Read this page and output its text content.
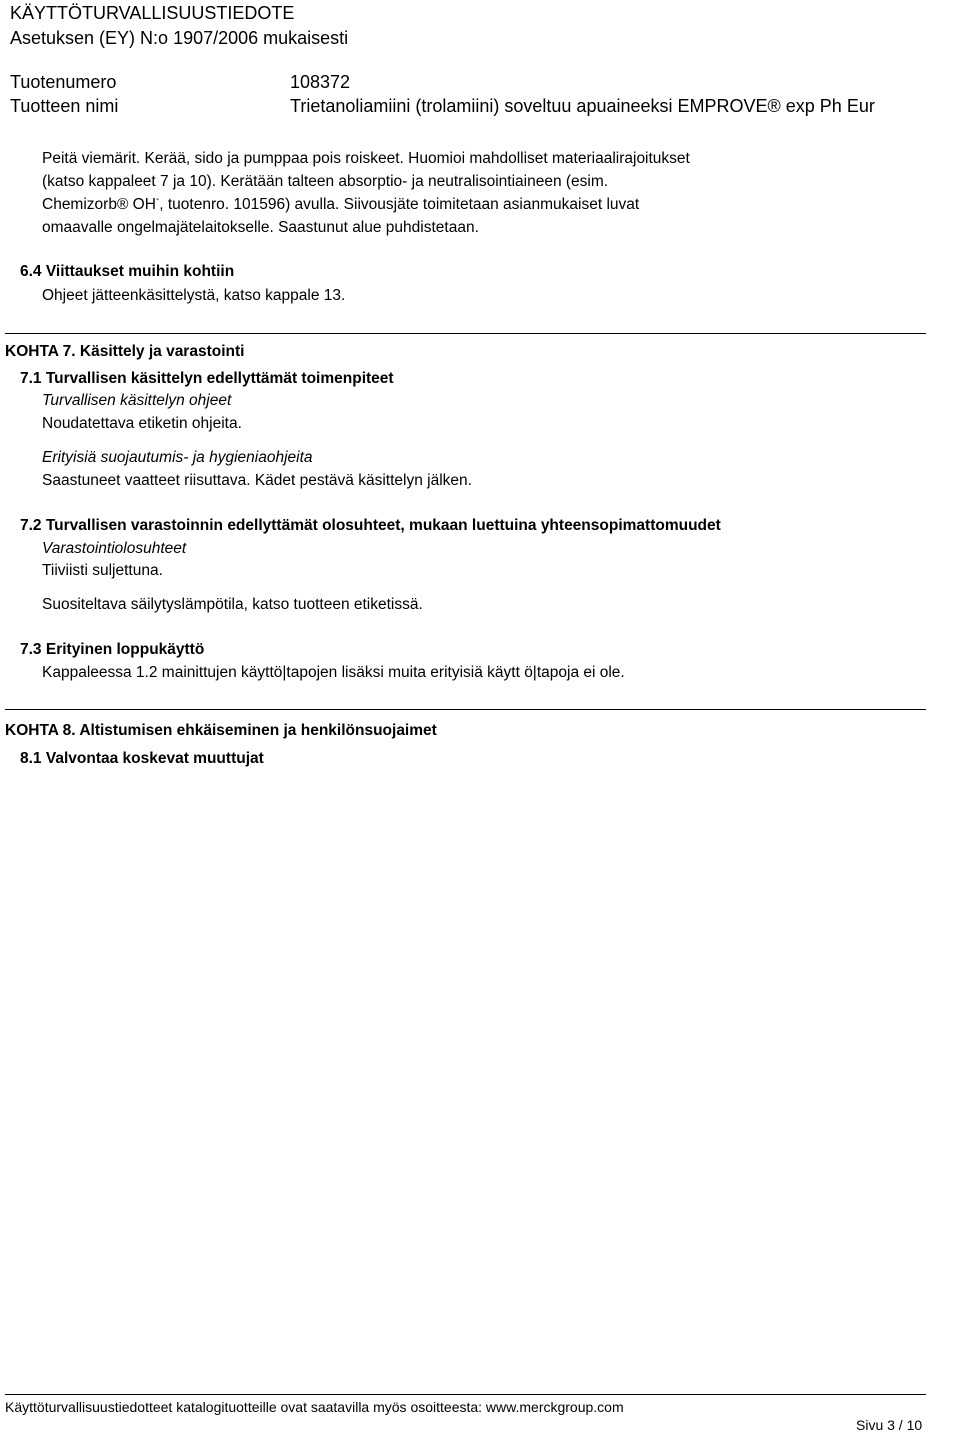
KÄYTTÖTURVALLISUUSTIEDOTE
Asetuksen (EY) N:o 1907/2006 mukaisesti
Tuotenumero	108372
Tuotteen nimi	Trietanoliamiini (trolamiini) soveltuu apuaineeksi EMPROVE® exp Ph Eur
Peitä viemärit. Kerää, sido ja pumppaa pois roiskeet. Huomioi mahdolliset materiaalirajoitukset
(katso kappaleet 7 ja 10). Kerätään talteen absorptio- ja neutralisointiaineen (esim.
Chemizorb® OH-, tuotenro. 101596) avulla. Siivousjäte toimitetaan asianmukaiset luvat
omaavalle ongelmajätelaitokselle. Saastunut alue puhdistetaan.
6.4 Viittaukset muihin kohtiin
Ohjeet jätteenkäsittelystä, katso kappale 13.
KOHTA 7. Käsittely ja varastointi
7.1 Turvallisen käsittelyn edellyttämät toimenpiteet
Turvallisen käsittelyn ohjeet
Noudatettava etiketin ohjeita.
Erityisiä suojautumis- ja hygieniaohjeita
Saastuneet vaatteet riisuttava. Kädet pestävä käsittelyn jälken.
7.2 Turvallisen varastoinnin edellyttämät olosuhteet, mukaan luettuina yhteensopimattomuudet
Varastointiolosuhteet
Tiiviisti suljettuna.
Suositeltava säilytyslämpötila, katso tuotteen etiketissä.
7.3 Erityinen loppukäyttö
Kappaleessa 1.2 mainittujen käyttö|tapojen lisäksi muita erityisiä käytt ö|tapoja ei ole.
KOHTA 8. Altistumisen ehkäiseminen ja henkilönsuojaimet
8.1 Valvontaa koskevat muuttujat
Käyttöturvallisuustiedotteet katalogituotteille ovat saatavilla myös osoitteesta: www.merckgroup.com
Sivu 3 / 10
